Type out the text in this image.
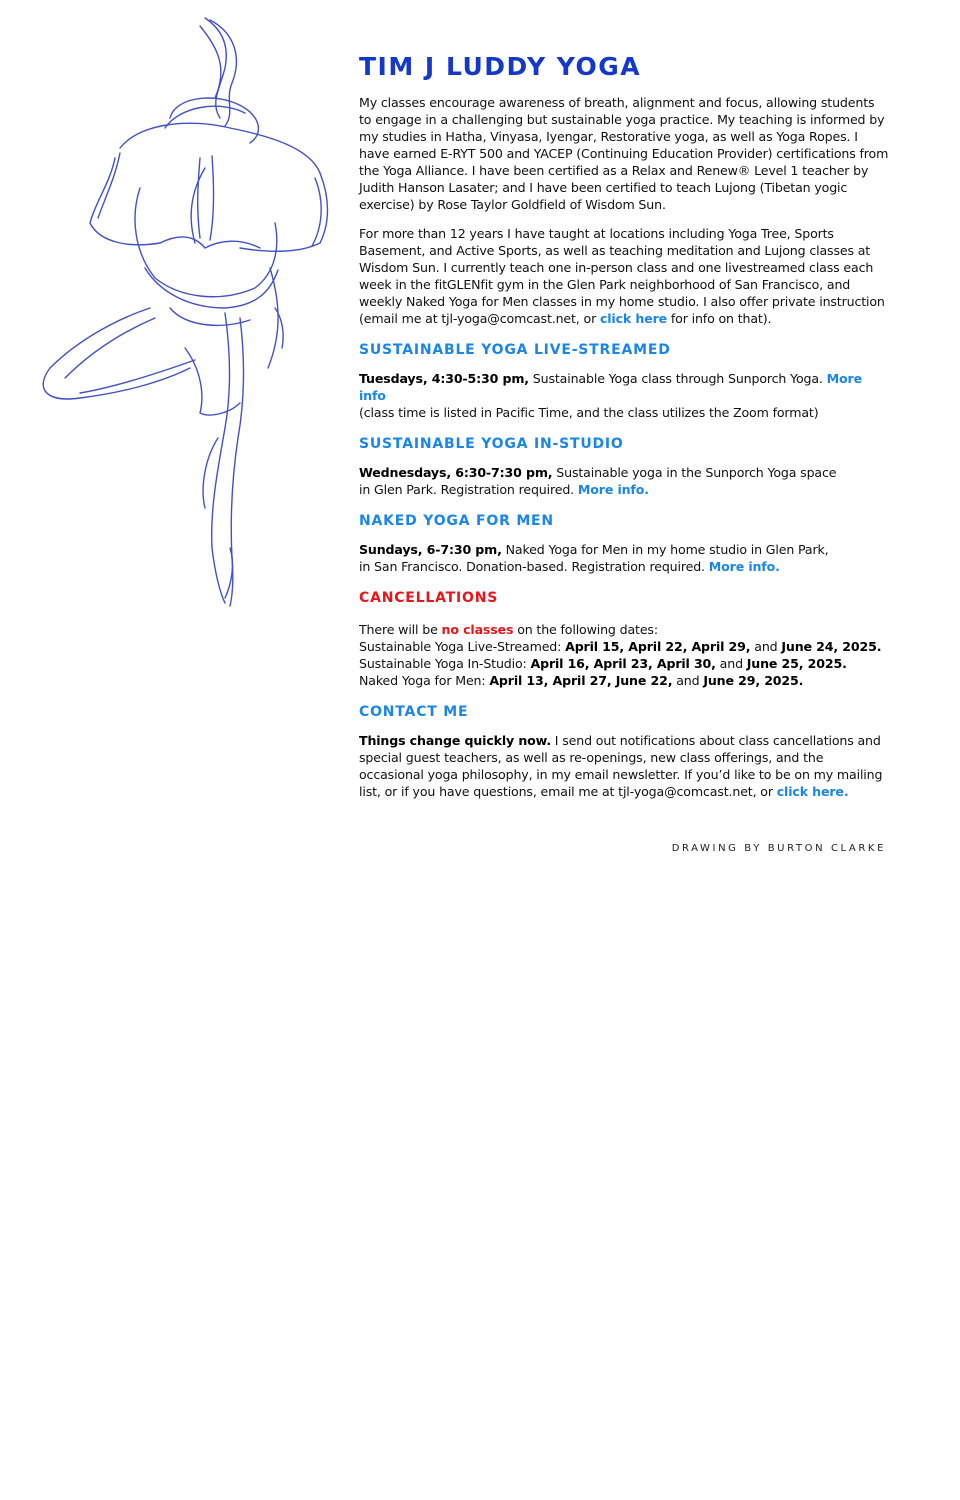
TIM J LUDDY YOGA

My classes encourage awareness of breath, alignment and focus, allowing students to engage in a challenging but sustainable yoga practice. My teaching is informed by my studies in Hatha, Vinyasa, Iyengar, Restorative yoga, as well as Yoga Ropes. I have earned E-RYT 500 and YACEP (Continuing Education Provider) certifications from the Yoga Alliance. I have been certified as a Relax and Renew® Level 1 teacher by Judith Hanson Lasater; and I have been certified to teach Lujong (Tibetan yogic exercise) by Rose Taylor Goldfield of Wisdom Sun.

For more than 12 years I have taught at locations including Yoga Tree, Sports Basement, and Active Sports, as well as teaching meditation and Lujong classes at Wisdom Sun. I currently teach one in-person class and one livestreamed class each week in the fitGLENfit gym in the Glen Park neighborhood of San Francisco, and weekly Naked Yoga for Men classes in my home studio. I also offer private instruction (email me at tjl-yoga@comcast.net, or click here for info on that).

SUSTAINABLE YOGA LIVE-STREAMED

Tuesdays, 4:30-5:30 pm, Sustainable Yoga class through Sunporch Yoga. More info
(class time is listed in Pacific Time, and the class utilizes the Zoom format)

SUSTAINABLE YOGA IN-STUDIO

Wednesdays, 6:30-7:30 pm, Sustainable yoga in the Sunporch Yoga space
in Glen Park. Registration required. More info.

NAKED YOGA FOR MEN

Sundays, 6-7:30 pm, Naked Yoga for Men in my home studio in Glen Park,
in San Francisco. Donation-based. Registration required. More info.

CANCELLATIONS

There will be no classes on the following dates:
Sustainable Yoga Live-Streamed: April 15, April 22, April 29, and June 24, 2025.
Sustainable Yoga In-Studio: April 16, April 23, April 30, and June 25, 2025.
Naked Yoga for Men: April 13, April 27, June 22, and June 29, 2025.

CONTACT ME

Things change quickly now. I send out notifications about class cancellations and special guest teachers, as well as re-openings, new class offerings, and the occasional yoga philosophy, in my email newsletter. If you’d like to be on my mailing list, or if you have questions, email me at tjl-yoga@comcast.net, or click here.

DRAWING BY BURTON CLARKE
